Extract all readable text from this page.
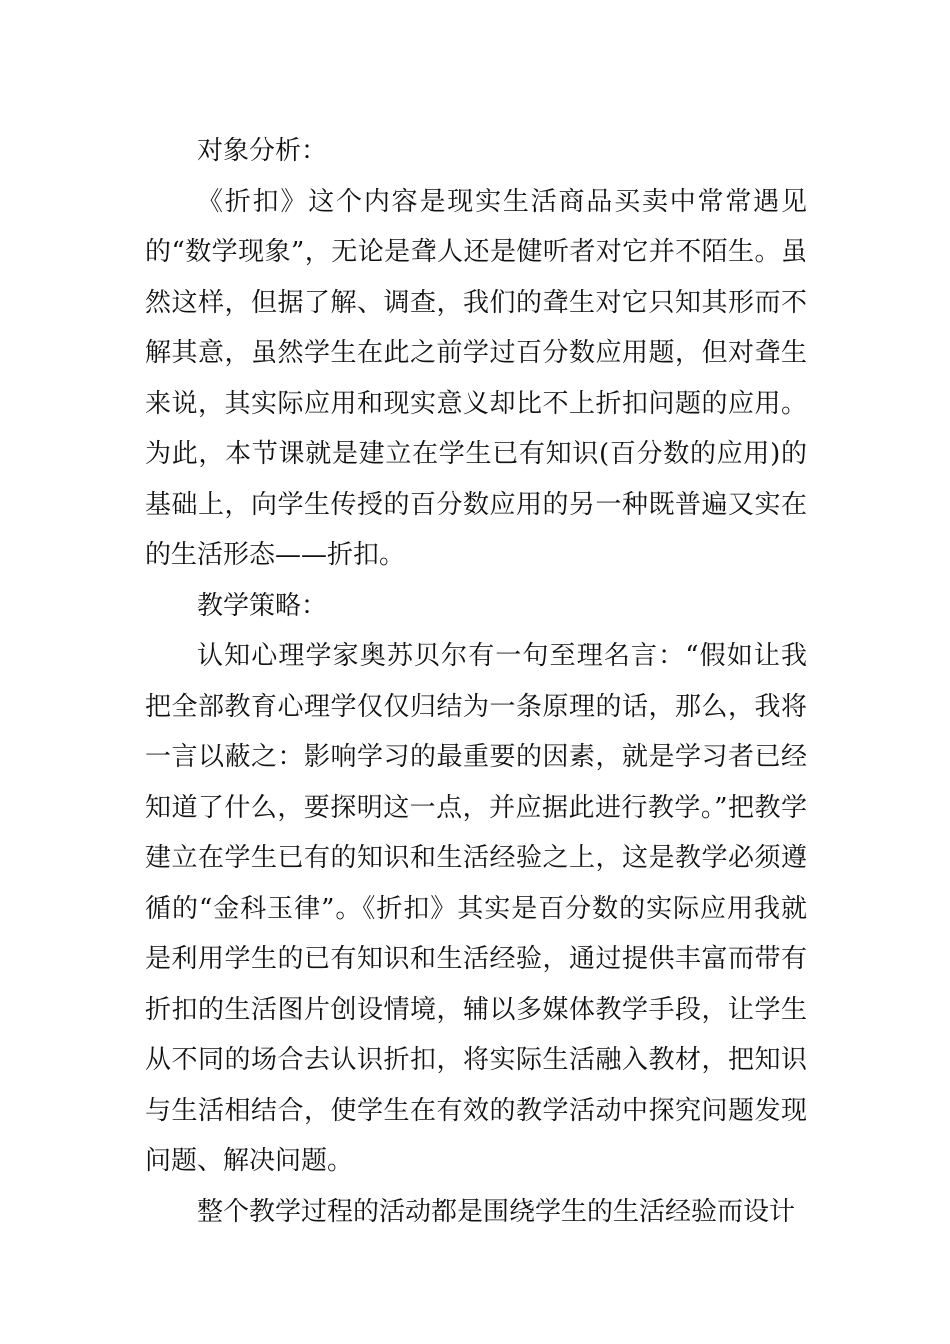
对象分析：

《折扣》这个内容是现实生活商品买卖中常常遇见的“数学现象”，无论是聋人还是健听者对它并不陌生。虽然这样，但据了解、调查，我们的聋生对它只知其形而不解其意，虽然学生在此之前学过百分数应用题，但对聋生来说，其实际应用和现实意义却比不上折扣问题的应用。为此，本节课就是建立在学生已有知识(百分数的应用)的基础上，向学生传授的百分数应用的另一种既普遍又实在的生活形态——折扣。

教学策略：

认知心理学家奥苏贝尔有一句至理名言：“假如让我把全部教育心理学仅仅归结为一条原理的话，那么，我将一言以蔽之：影响学习的最重要的因素，就是学习者已经知道了什么，要探明这一点，并应据此进行教学。”把教学建立在学生已有的知识和生活经验之上，这是教学必须遵循的“金科玉律”。《折扣》其实是百分数的实际应用我就是利用学生的已有知识和生活经验，通过提供丰富而带有折扣的生活图片创设情境，辅以多媒体教学手段，让学生从不同的场合去认识折扣，将实际生活融入教材，把知识与生活相结合，使学生在有效的教学活动中探究问题发现问题、解决问题。

整个教学过程的活动都是围绕学生的生活经验而设计
